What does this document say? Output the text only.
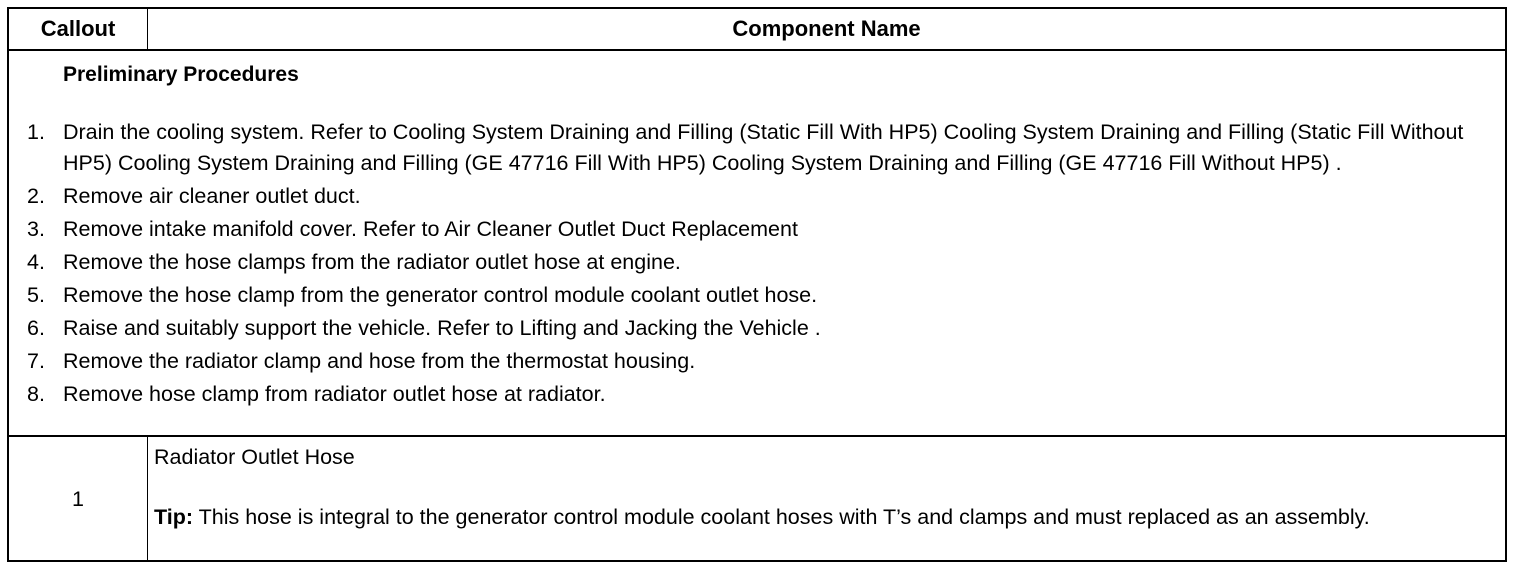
Callout	Component Name
Preliminary Procedures
1. Drain the cooling system. Refer to Cooling System Draining and Filling (Static Fill With HP5) Cooling System Draining and Filling (Static Fill Without HP5) Cooling System Draining and Filling (GE 47716 Fill With HP5) Cooling System Draining and Filling (GE 47716 Fill Without HP5) .
2. Remove air cleaner outlet duct.
3. Remove intake manifold cover. Refer to Air Cleaner Outlet Duct Replacement
4. Remove the hose clamps from the radiator outlet hose at engine.
5. Remove the hose clamp from the generator control module coolant outlet hose.
6. Raise and suitably support the vehicle. Refer to Lifting and Jacking the Vehicle .
7. Remove the radiator clamp and hose from the thermostat housing.
8. Remove hose clamp from radiator outlet hose at radiator.
1

Radiator Outlet Hose

Tip: This hose is integral to the generator control module coolant hoses with T’s and clamps and must replaced as an assembly.
